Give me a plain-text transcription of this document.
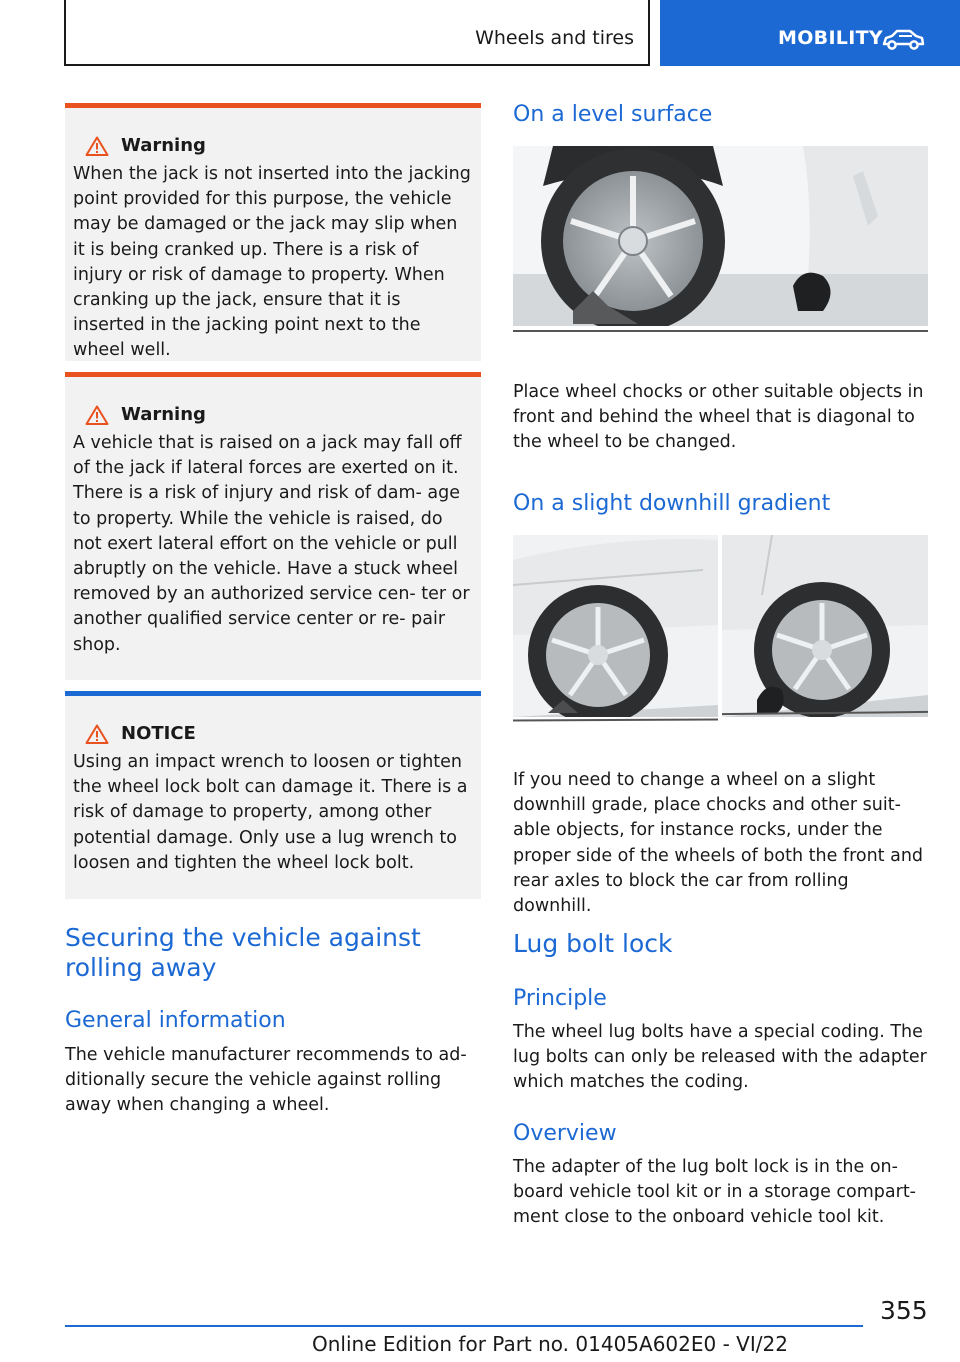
Wheels and tires	MOBILITY
Warning

When the jack is not inserted into the jacking point provided for this purpose, the vehicle may be damaged or the jack may slip when it is being cranked up. There is a risk of injury or risk of damage to property. When cranking up the jack, ensure that it is inserted in the jacking point next to the wheel well.

Warning

A vehicle that is raised on a jack may fall off of the jack if lateral forces are exerted on it. There is a risk of injury and risk of dam‐ age to property. While the vehicle is raised, do not exert lateral effort on the vehicle or pull abruptly on the vehicle. Have a stuck wheel removed by an authorized service cen‐ ter or another qualified service center or re‐ pair shop.

NOTICE

Using an impact wrench to loosen or tighten the wheel lock bolt can damage it. There is a risk of damage to property, among other potential damage. Only use a lug wrench to loosen and tighten the wheel lock bolt.

Securing the vehicle against rolling away
General information
The vehicle manufacturer recommends to ad‐ ditionally secure the vehicle against rolling away when changing a wheel.
On a level surface
Place wheel chocks or other suitable objects in front and behind the wheel that is diagonal to the wheel to be changed.
On a slight downhill gradient
If you need to change a wheel on a slight downhill grade, place chocks and other suit‐ able objects, for instance rocks, under the proper side of the wheels of both the front and rear axles to block the car from rolling downhill.
Lug bolt lock
Principle
The wheel lug bolts have a special coding. The lug bolts can only be released with the adapter which matches the coding.
Overview
The adapter of the lug bolt lock is in the on‐ board vehicle tool kit or in a storage compart‐ ment close to the onboard vehicle tool kit.
355
Online Edition for Part no. 01405A602E0 - VI/22
